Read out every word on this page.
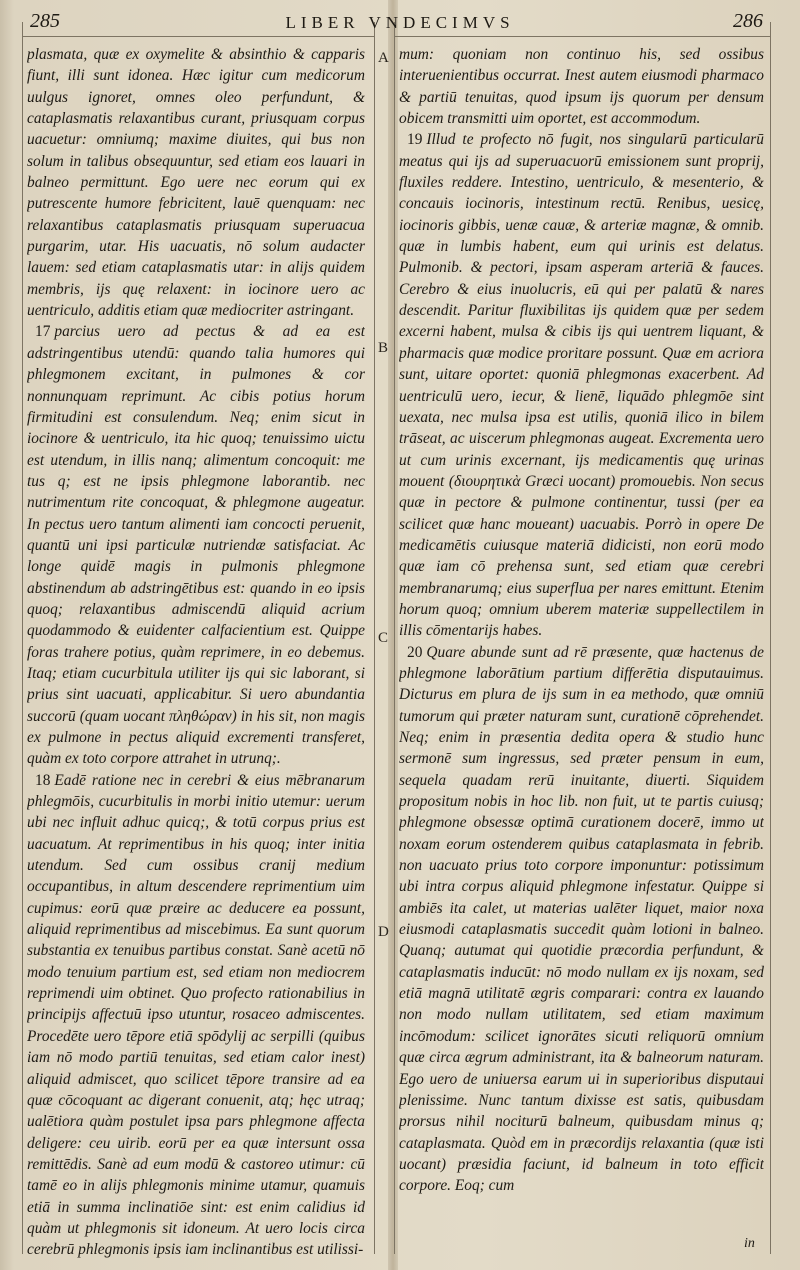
285	LIBER VNDECIMVS	286

plasmata, quæ ex oxymelite & absinthio & capparis fiunt, illi sunt idonea. Hæc igitur cum medicorum uulgus ignoret, omnes oleo perfundunt, & cataplasmatis relaxantibus curant, priusquam corpus uacuetur: omniumq; maxime diuites, qui bus non solum in talibus obsequuntur, sed etiam eos lauari in balneo permittunt. Ego uere nec eorum qui ex putrescente humore febricitent, lauē quenquam: nec relaxantibus cataplasmatis priusquam superuacua purgarim, utar. His uacuatis, nō solum audacter lauem: sed etiam cataplasmatis utar: in alijs quidem membris, ijs quę relaxent: in iocinore uero ac uentriculo, additis etiam quæ mediocriter astringant.

17 parcius uero ad pectus & ad ea est adstringentibus utendū: quando talia humores qui phlegmonem excitant, in pulmones & cor nonnunquam reprimunt. Ac cibis potius horum firmitudini est consulendum. Neq; enim sicut in iocinore & uentriculo, ita hic quoq; tenuissimo uictu est utendum, in illis nanq; alimentum concoquit: me tus q; est ne ipsis phlegmone laborantib. nec nutrimentum rite concoquat, & phlegmone augeatur. In pectus uero tantum alimenti iam concocti peruenit, quantū uni ipsi particulæ nutriendæ satisfaciat. Ac longe quidē magis in pulmonis phlegmone abstinendum ab adstringētibus est: quando in eo ipsis quoq; relaxantibus admiscendū aliquid acrium quodammodo & euidenter calfacientium est. Quippe foras trahere potius, quàm reprimere, in eo debemus. Itaq; etiam cucurbitula utiliter ijs qui sic laborant, si prius sint uacuati, applicabitur. Si uero abundantia succorū (quam uocant πληθώραν) in his sit, non magis ex pulmone in pectus aliquid excrementi transferet, quàm ex toto corpore attrahet in utrunq;.

18 Eadē ratione nec in cerebri & eius mēbranarum phlegmōis, cucurbitulis in morbi initio utemur: uerum ubi nec influit adhuc quicq;, & totū corpus prius est uacuatum. At reprimentibus in his quoq; inter initia utendum. Sed cum ossibus cranij medium occupantibus, in altum descendere reprimentium uim cupimus: eorū quæ præire ac deducere ea possunt, aliquid reprimentibus ad miscebimus. Ea sunt quorum substantia ex tenuibus partibus constat. Sanè acetū nō modo tenuium partium est, sed etiam non mediocrem reprimendi uim obtinet. Quo profecto rationabilius in principijs affectuū ipso utuntur, rosaceo admiscentes. Procedēte uero tēpore etiā spōdylij ac serpilli (quibus iam nō modo partiū tenuitas, sed etiam calor inest) aliquid admiscet, quo scilicet tēpore transire ad ea quæ cōcoquant ac digerant conuenit, atq; hęc utraq; ualētiora quàm postulet ipsa pars phlegmone affecta deligere: ceu uirib. eorū per ea quæ intersunt ossa remittēdis. Sanè ad eum modū & castoreo utimur: cū tamē eo in alijs phlegmonis minime utamur, quamuis etiā in summa inclinatiōe sint: est enim calidius id quàm ut phlegmonis sit idoneum. At uero locis circa cerebrū phlegmonis ipsis iam inclinantibus est utilissi-

A
B
C
D

mum: quoniam non continuo his, sed ossibus interuenientibus occurrat. Inest autem eiusmodi pharmaco & partiū tenuitas, quod ipsum ijs quorum per densum obicem transmitti uim oportet, est accommodum.

19 Illud te profecto nō fugit, nos singularū particularū meatus qui ijs ad superuacuorū emissionem sunt proprij, fluxiles reddere. Intestino, uentriculo, & mesenterio, & concauis iocinoris, intestinum rectū. Renibus, uesicę, iocinoris gibbis, uenæ cauæ, & arteriæ magnæ, & omnib. quæ in lumbis habent, eum qui urinis est delatus. Pulmonib. & pectori, ipsam asperam arteriā & fauces. Cerebro & eius inuolucris, eū qui per palatū & nares descendit. Paritur fluxibilitas ijs quidem quæ per sedem excerni habent, mulsa & cibis ijs qui uentrem liquant, & pharmacis quæ modice proritare possunt. Quæ em acriora sunt, uitare oportet: quoniā phlegmonas exacerbent. Ad uentriculū uero, iecur, & lienē, liquādo phlegmōe sint uexata, nec mulsa ipsa est utilis, quoniā ilico in bilem trāseat, ac uiscerum phlegmonas augeat. Excrementa uero ut cum urinis excernant, ijs medicamentis quę urinas mouent (διουρητικὰ Græci uocant) promouebis. Non secus quæ in pectore & pulmone continentur, tussi (per ea scilicet quæ hanc moueant) uacuabis. Porrò in opere De medicamētis cuiusque materiā didicisti, non eorū modo quæ iam cō prehensa sunt, sed etiam quæ cerebri membranarumq; eius superflua per nares emittunt. Etenim horum quoq; omnium uberem materiæ suppellectilem in illis cōmentarijs habes.

20 Quare abunde sunt ad rē præsente, quæ hactenus de phlegmone laborātium partium differētia disputauimus. Dicturus em plura de ijs sum in ea methodo, quæ omniū tumorum qui præter naturam sunt, curationē cōprehendet. Neq; enim in præsentia dedita opera & studio hunc sermonē sum ingressus, sed præter pensum in eum, sequela quadam rerū inuitante, diuerti. Siquidem propositum nobis in hoc lib. non fuit, ut te partis cuiusq; phlegmone obsessæ optimā curationem docerē, immo ut noxam eorum ostenderem quibus cataplasmata in febrib. non uacuato prius toto corpore imponuntur: potissimum ubi intra corpus aliquid phlegmone infestatur. Quippe si ambiēs ita calet, ut materias ualēter liquet, maior noxa eiusmodi cataplasmatis succedit quàm lotioni in balneo. Quanq; autumat qui quotidie præcordia perfundunt, & cataplasmatis inducūt: nō modo nullam ex ijs noxam, sed etiā magnā utilitatē ægris comparari: contra ex lauando non modo nullam utilitatem, sed etiam maximum incōmodum: scilicet ignorātes sicuti reliquorū omnium quæ circa ægrum administrant, ita & balneorum naturam. Ego uero de uniuersa earum ui in superioribus disputaui plenissime. Nunc tantum dixisse est satis, quibusdam prorsus nihil nociturū balneum, quibusdam minus q; cataplasmata. Quòd em in præcordijs relaxantia (quæ isti uocant) præsidia faciunt, id balneum in toto efficit corpore. Eoq; cum

in
